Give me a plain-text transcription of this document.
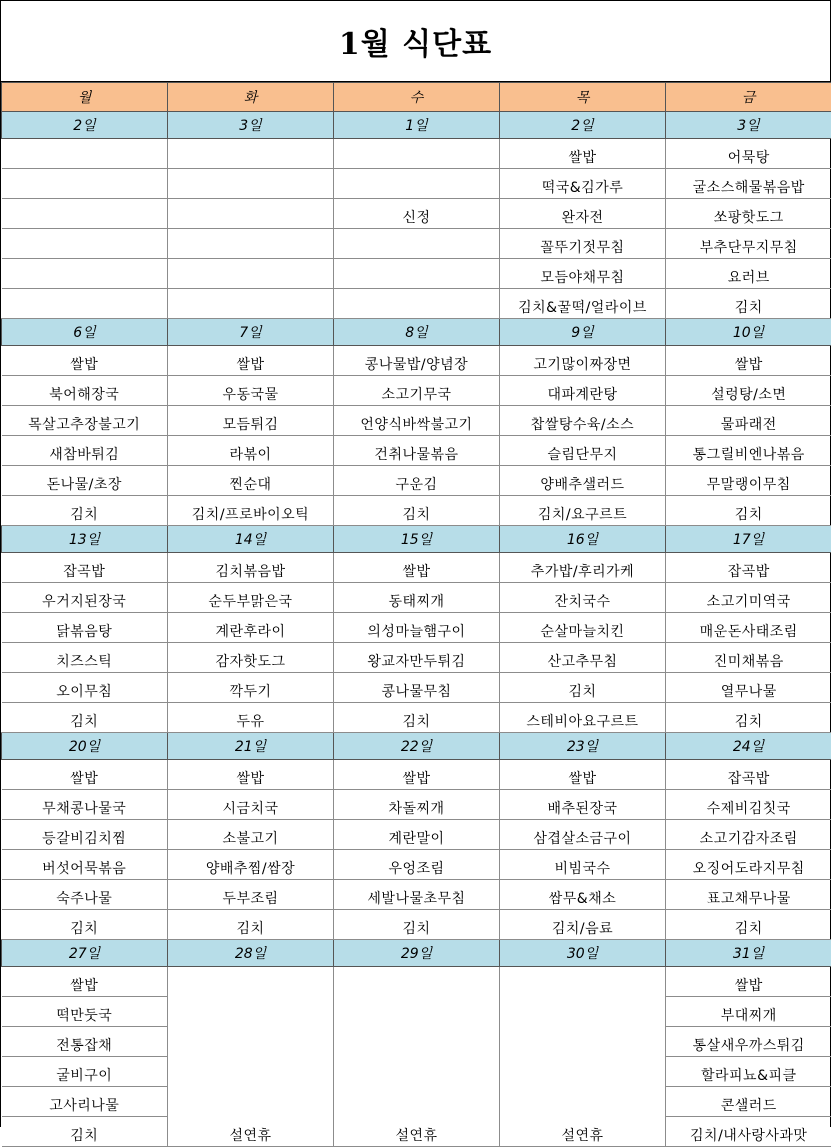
1월 식단표
월	화	수	목	금
2일	3일	1일	2일	3일
			쌀밥	어묵탕
			떡국&김가루	굴소스해물볶음밥
		신정	완자전	쏘팡핫도그
			꼴뚜기젓무침	부추단무지무침
			모듬야채무침	요러브
			김치&꿀떡/얼라이브	김치
6일	7일	8일	9일	10일
쌀밥	쌀밥	콩나물밥/양념장	고기많이짜장면	쌀밥
북어해장국	우동국물	소고기무국	대파계란탕	설렁탕/소면
목살고추장불고기	모듬튀김	언양식바싹불고기	찹쌀탕수육/소스	물파래전
새참바튀김	라볶이	건취나물볶음	슬림단무지	통그릴비엔나볶음
돈나물/초장	찐순대	구운김	양배추샐러드	무말랭이무침
김치	김치/프로바이오틱	김치	김치/요구르트	김치
13일	14일	15일	16일	17일
잡곡밥	김치볶음밥	쌀밥	추가밥/후리가케	잡곡밥
우거지된장국	순두부맑은국	동태찌개	잔치국수	소고기미역국
닭볶음탕	계란후라이	의성마늘햄구이	순살마늘치킨	매운돈사태조림
치즈스틱	감자핫도그	왕교자만두튀김	산고추무침	진미채볶음
오이무침	깍두기	콩나물무침	김치	열무나물
김치	두유	김치	스테비아요구르트	김치
20일	21일	22일	23일	24일
쌀밥	쌀밥	쌀밥	쌀밥	잡곡밥
무채콩나물국	시금치국	차돌찌개	배추된장국	수제비김칫국
등갈비김치찜	소불고기	계란말이	삼겹살소금구이	소고기감자조림
버섯어묵볶음	양배추찜/쌈장	우엉조림	비빔국수	오징어도라지무침
숙주나물	두부조림	세발나물초무침	쌈무&채소	표고채무나물
김치	김치	김치	김치/음료	김치
27일	28일	29일	30일	31일
쌀밥	설연휴	설연휴	설연휴	쌀밥
떡만둣국				부대찌개
전통잡채				통살새우까스튀김
굴비구이				할라피뇨&피클
고사리나물				콘샐러드
김치				김치/내사랑사과맛
